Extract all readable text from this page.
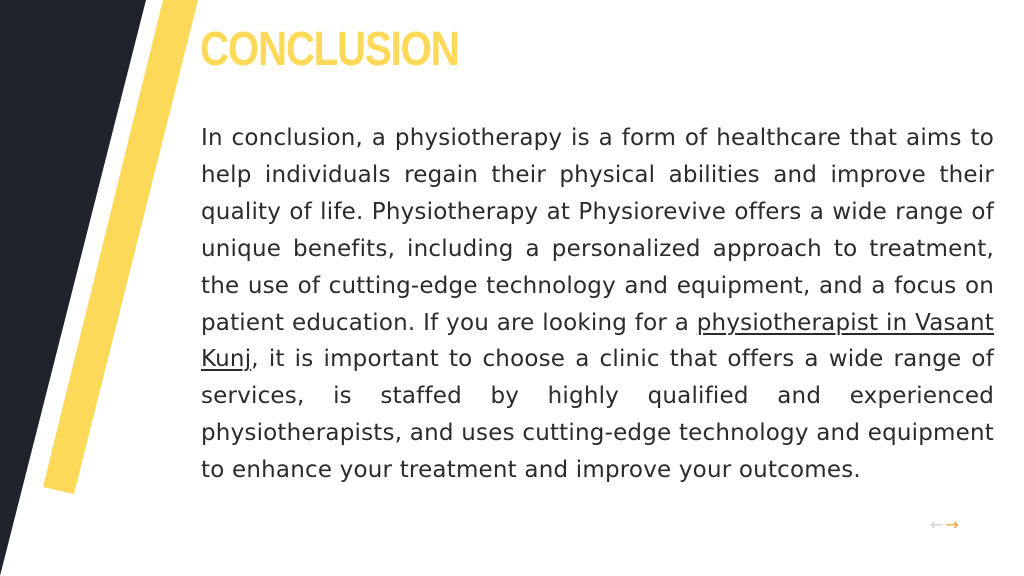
CONCLUSION

In conclusion, a physiotherapy is a form of healthcare that aims to help individuals regain their physical abilities and improve their quality of life. Physiotherapy at Physiorevive offers a wide range of unique benefits, including a personalized approach to treatment, the use of cutting-edge technology and equipment, and a focus on patient education. If you are looking for a physiotherapist in Vasant Kunj, it is important to choose a clinic that offers a wide range of services, is staffed by highly qualified and experienced physiotherapists, and uses cutting-edge technology and equipment to enhance your treatment and improve your outcomes.

← →
